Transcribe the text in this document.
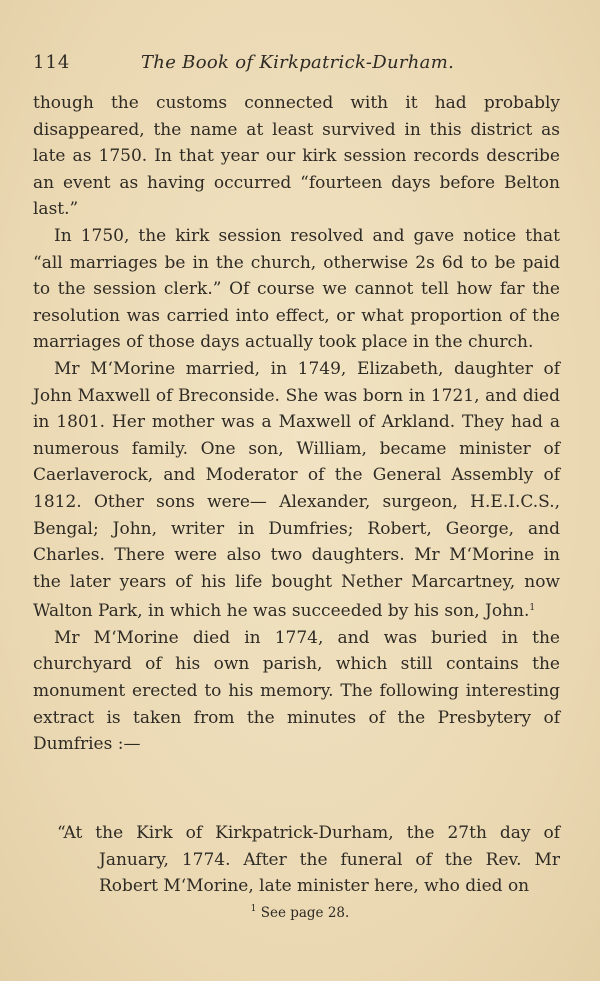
114	The Book of Kirkpatrick-Durham.

though the customs connected with it had probably disappeared, the name at least survived in this district as late as 1750. In that year our kirk session records describe an event as having occurred “fourteen days before Belton last.”

In 1750, the kirk session resolved and gave notice that “all marriages be in the church, otherwise 2s 6d to be paid to the session clerk.” Of course we cannot tell how far the resolution was carried into effect, or what proportion of the marriages of those days actually took place in the church.

Mr M‘Morine married, in 1749, Elizabeth, daughter of John Maxwell of Breconside. She was born in 1721, and died in 1801. Her mother was a Maxwell of Arkland. They had a numerous family. One son, William, became minister of Caerlaverock, and Moderator of the General Assembly of 1812. Other sons were— Alexander, surgeon, H.E.I.C.S., Bengal; John, writer in Dumfries; Robert, George, and Charles. There were also two daughters. Mr M‘Morine in the later years of his life bought Nether Marcartney, now Walton Park, in which he was succeeded by his son, John.$^1$

Mr M‘Morine died in 1774, and was buried in the churchyard of his own parish, which still contains the monument erected to his memory. The following interesting extract is taken from the minutes of the Presbytery of Dumfries :—

“At the Kirk of Kirkpatrick-Durham, the 27th day of January, 1774. After the funeral of the Rev. Mr Robert M‘Morine, late minister here, who died on

$^1$ See page 28.
